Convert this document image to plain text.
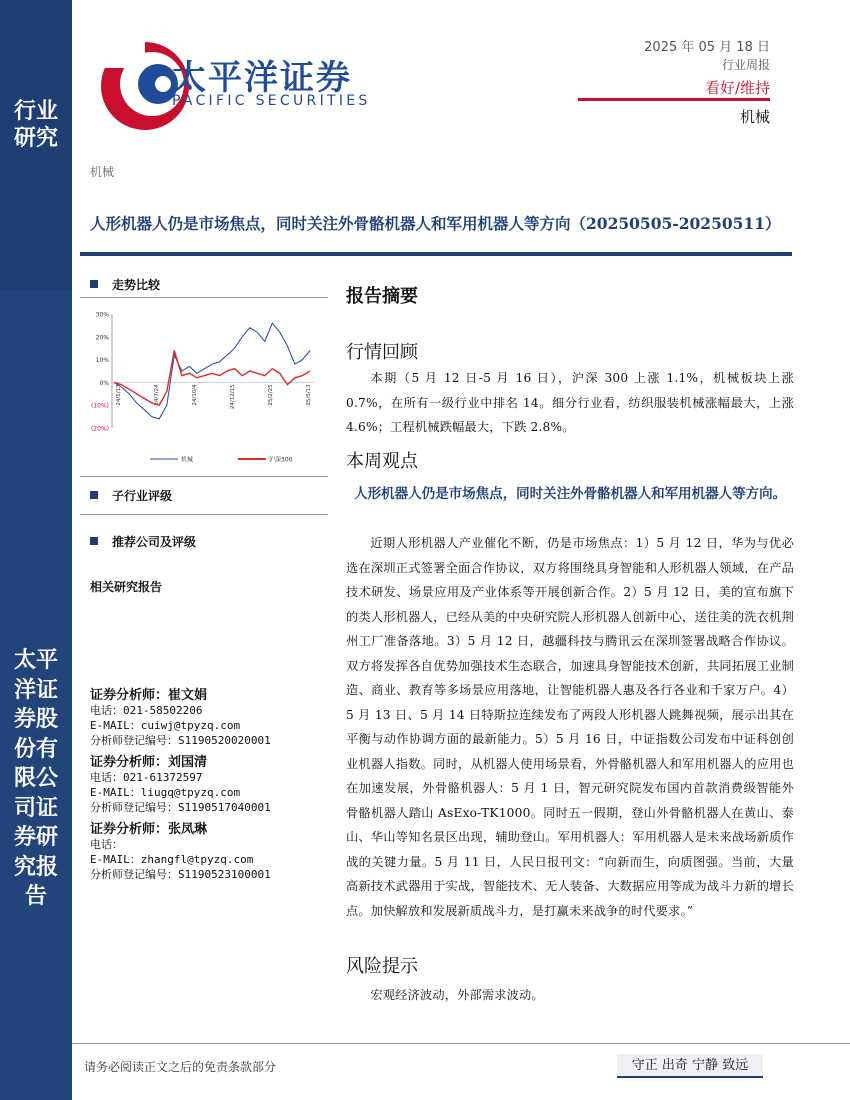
行业研究
太平洋证券股份有限公司证券研究报告
太平洋证券
PACIFIC SECURITIES
2025 年 05 月 18 日
行业周报
看好/维持
机械
机械
人形机器人仍是市场焦点，同时关注外骨骼机器人和军用机器人等方向（20250505-20250511）
走势比较
30%
20%
10%
0%
(10%)
(20%)
24/5/13	24/7/24	24/10/4	24/12/15	25/2/25	25/5/13
机械	沪深300
子行业评级
推荐公司及评级
相关研究报告
证券分析师：崔文娟
电话：021-58502206
E-MAIL：cuiwj@tpyzq.com
分析师登记编号：S1190520020001
证券分析师：刘国清
电话：021-61372597
E-MAIL：liugq@tpyzq.com
分析师登记编号：S1190517040001
证券分析师：张凤琳
电话：
E-MAIL：zhangfl@tpyzq.com
分析师登记编号：S1190523100001
报告摘要
行情回顾
本期（5 月 12 日-5 月 16 日），沪深 300 上涨 1.1%，机械板块上涨 0.7%，在所有一级行业中排名 14。细分行业看，纺织服装机械涨幅最大，上涨 4.6%；工程机械跌幅最大，下跌 2.8%。
本周观点
人形机器人仍是市场焦点，同时关注外骨骼机器人和军用机器人等方向。
近期人形机器人产业催化不断，仍是市场焦点：1）5 月 12 日，华为与优必选在深圳正式签署全面合作协议，双方将围绕具身智能和人形机器人领域，在产品技术研发、场景应用及产业体系等开展创新合作。2）5 月 12 日，美的宣布旗下的类人形机器人，已经从美的中央研究院人形机器人创新中心，送往美的洗衣机荆州工厂准备落地。3）5 月 12 日，越疆科技与腾讯云在深圳签署战略合作协议。双方将发挥各自优势加强技术生态联合，加速具身智能技术创新，共同拓展工业制造、商业、教育等多场景应用落地，让智能机器人惠及各行各业和千家万户。4）5 月 13 日、5 月 14 日特斯拉连续发布了两段人形机器人跳舞视频，展示出其在平衡与动作协调方面的最新能力。5）5 月 16 日，中证指数公司发布中证科创创业机器人指数。同时，从机器人使用场景看，外骨骼机器人和军用机器人的应用也在加速发展，外骨骼机器人：5 月 1 日，智元研究院发布国内首款消费级智能外骨骼机器人踏山 AsExo-TK1000。同时五一假期，登山外骨骼机器人在黄山、泰山、华山等知名景区出现，辅助登山。军用机器人：军用机器人是未来战场新质作战的关键力量。5 月 11 日，人民日报刊文：“向新而生，向质图强。当前，大量高新技术武器用于实战，智能技术、无人装备、大数据应用等成为战斗力新的增长点。加快解放和发展新质战斗力，是打赢未来战争的时代要求。”
风险提示
宏观经济波动，外部需求波动。
请务必阅读正文之后的免责条款部分	守正 出奇 宁静 致远
